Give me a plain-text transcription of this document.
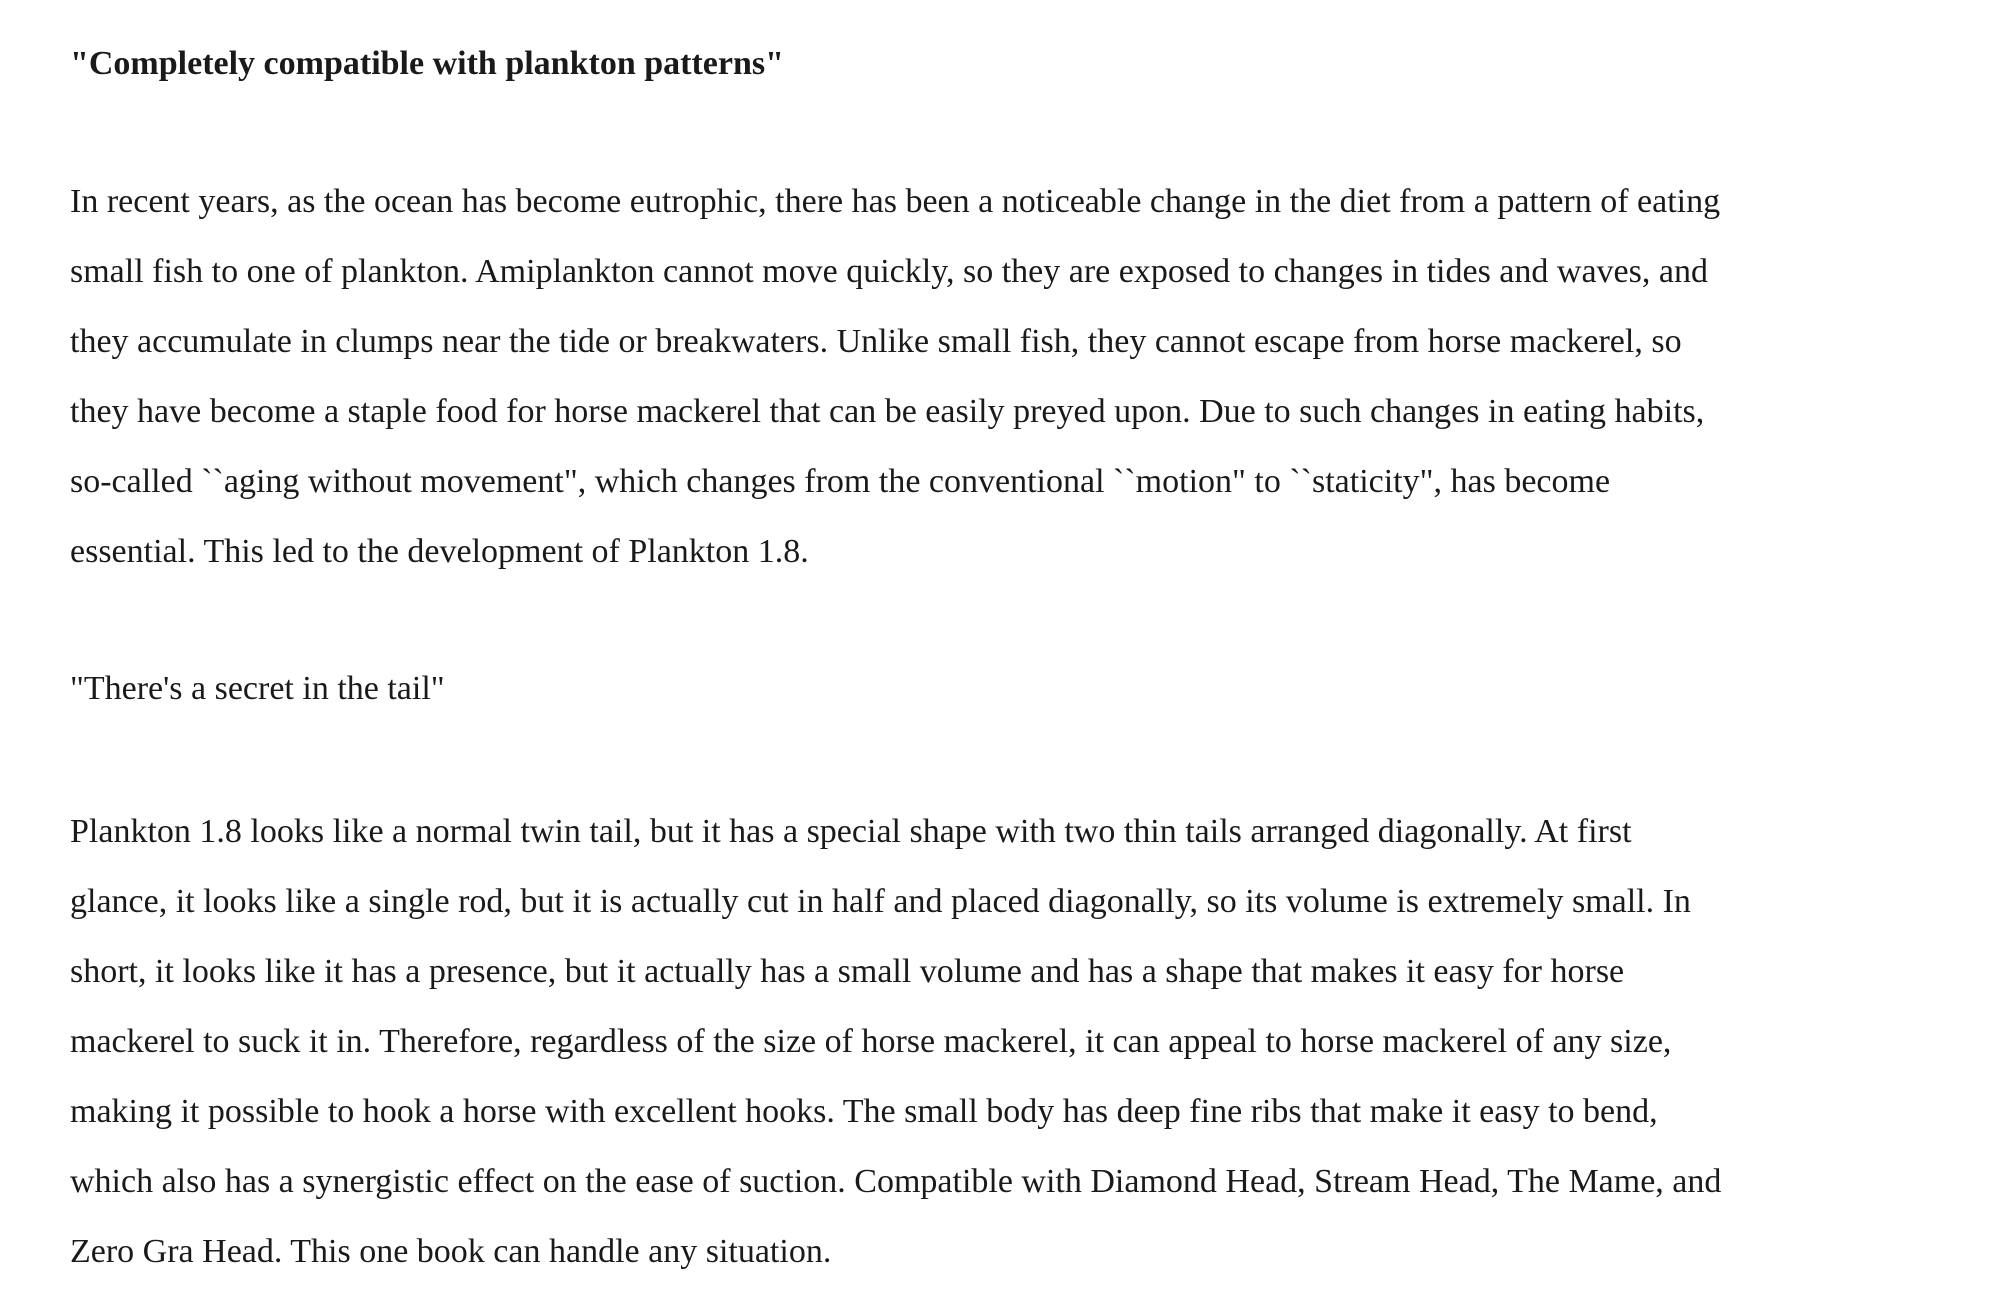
"Completely compatible with plankton patterns"
In recent years, as the ocean has become eutrophic, there has been a noticeable change in the diet from a pattern of eating
small fish to one of plankton. Amiplankton cannot move quickly, so they are exposed to changes in tides and waves, and
they accumulate in clumps near the tide or breakwaters. Unlike small fish, they cannot escape from horse mackerel, so
they have become a staple food for horse mackerel that can be easily preyed upon. Due to such changes in eating habits,
so-called ``aging without movement", which changes from the conventional ``motion" to ``staticity", has become
essential. This led to the development of Plankton 1.8.
"There's a secret in the tail"
Plankton 1.8 looks like a normal twin tail, but it has a special shape with two thin tails arranged diagonally. At first
glance, it looks like a single rod, but it is actually cut in half and placed diagonally, so its volume is extremely small. In
short, it looks like it has a presence, but it actually has a small volume and has a shape that makes it easy for horse
mackerel to suck it in. Therefore, regardless of the size of horse mackerel, it can appeal to horse mackerel of any size,
making it possible to hook a horse with excellent hooks. The small body has deep fine ribs that make it easy to bend,
which also has a synergistic effect on the ease of suction. Compatible with Diamond Head, Stream Head, The Mame, and
Zero Gra Head. This one book can handle any situation.
